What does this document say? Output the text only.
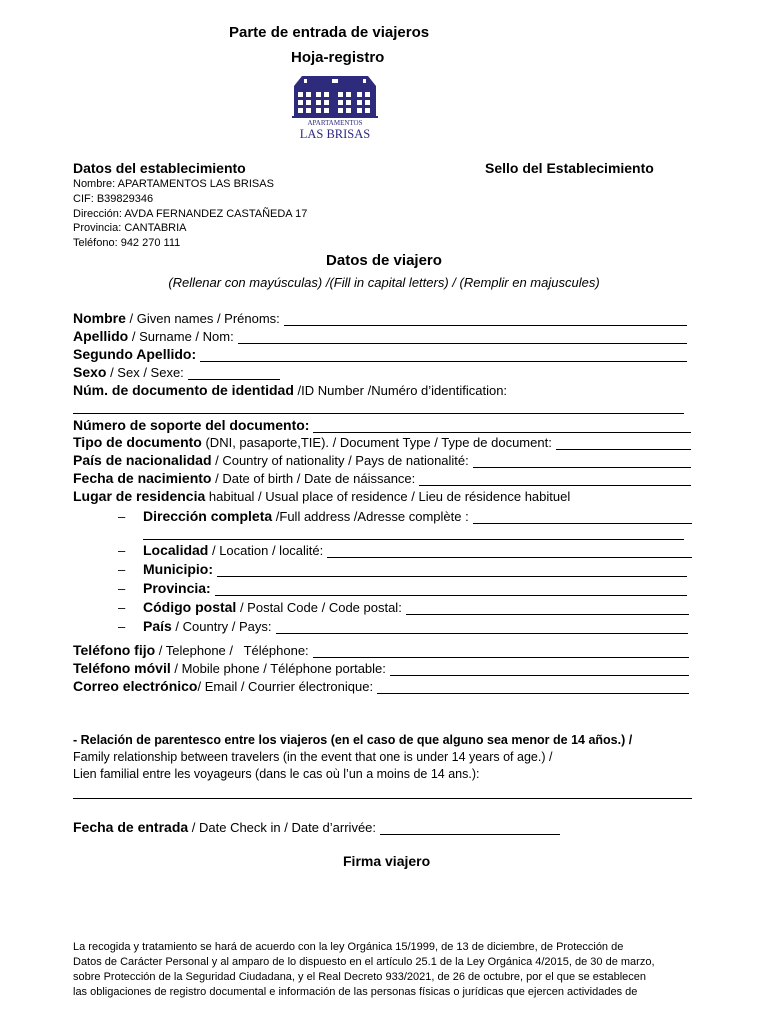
Parte de entrada de viajeros
Hoja-registro
APARTAMENTOS
LAS BRISAS
Datos del establecimiento	Sello del Establecimiento
Nombre: APARTAMENTOS LAS BRISAS
CIF: B39829346
Dirección: AVDA FERNANDEZ CASTAÑEDA 17
Provincia: CANTABRIA
Teléfono: 942 270 111
Datos de viajero
(Rellenar con mayúsculas) /(Fill in capital letters) / (Remplir en majuscules)
Nombre / Given names / Prénoms:
Apellido / Surname / Nom:
Segundo Apellido:
Sexo / Sex / Sexe:
Núm. de documento de identidad /ID Number /Numéro d’identification:
Número de soporte del documento:
Tipo de documento (DNI, pasaporte,TIE). / Document Type / Type de document:
País de nacionalidad / Country of nationality / Pays de nationalité:
Fecha de nacimiento / Date of birth / Date de náissance:
Lugar de residencia habitual / Usual place of residence / Lieu de résidence habituel
–	Dirección completa /Full address /Adresse complète :
–	Localidad / Location / localité:
–	Municipio:
–	Provincia:
–	Código postal / Postal Code / Code postal:
–	País / Country / Pays:
Teléfono fijo / Telephone /   Téléphone:
Teléfono móvil / Mobile phone / Téléphone portable:
Correo electrónico / Email / Courrier électronique:
- Relación de parentesco entre los viajeros (en el caso de que alguno sea menor de 14 años.) /
Family relationship between travelers (in the event that one is under 14 years of age.) /
Lien familial entre les voyageurs (dans le cas où l’un a moins de 14 ans.):
Fecha de entrada / Date Check in / Date d’arrivée:
Firma viajero
La recogida y tratamiento se hará de acuerdo con la ley Orgánica 15/1999, de 13 de diciembre, de Protección de
Datos de Carácter Personal y al amparo de lo dispuesto en el artículo 25.1 de la Ley Orgánica 4/2015, de 30 de marzo,
sobre Protección de la Seguridad Ciudadana, y el Real Decreto 933/2021, de 26 de octubre, por el que se establecen
las obligaciones de registro documental e información de las personas físicas o jurídicas que ejercen actividades de
